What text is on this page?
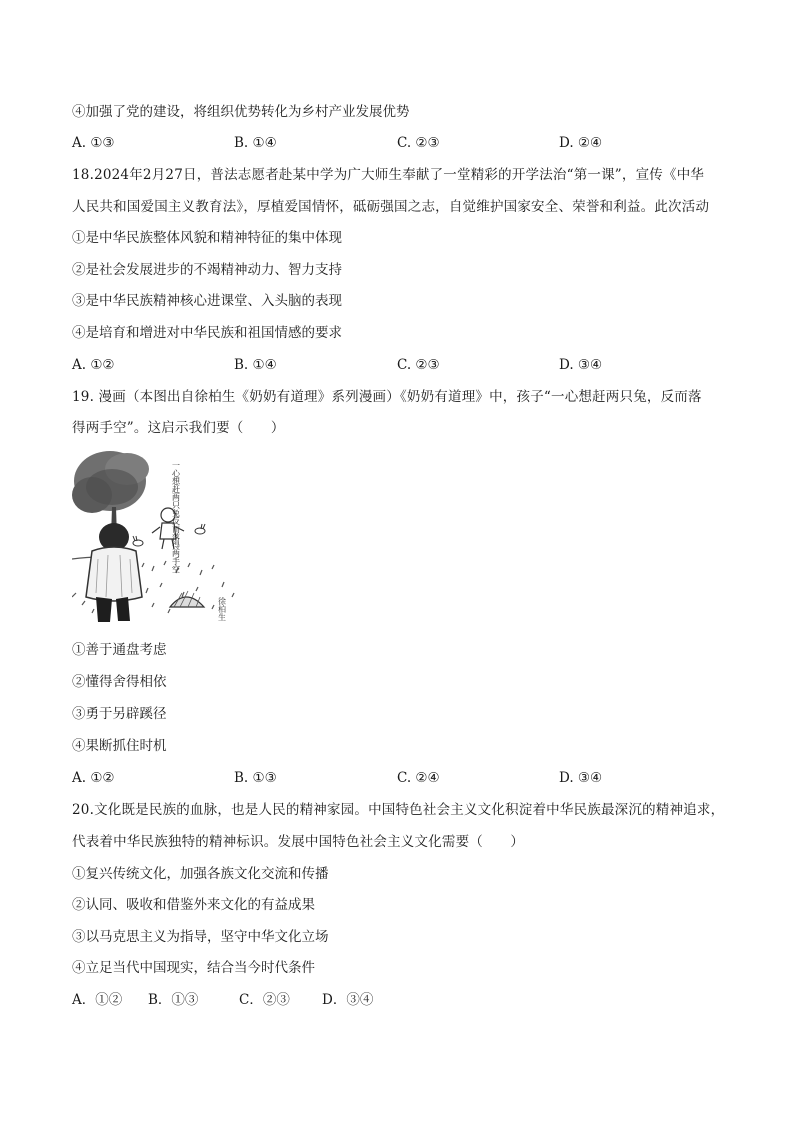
④加强了党的建设，将组织优势转化为乡村产业发展优势
A. ①③	B. ①④	C. ②③	D. ②④
18.2024年2月27日，普法志愿者赴某中学为广大师生奉献了一堂精彩的开学法治“第一课”，宣传《中华
人民共和国爱国主义教育法》，厚植爱国情怀，砥砺强国之志，自觉维护国家安全、荣誉和利益。此次活动
①是中华民族整体风貌和精神特征的集中体现
②是社会发展进步的不竭精神动力、智力支持
③是中华民族精神核心进课堂、入头脑的表现
④是培育和增进对中华民族和祖国情感的要求
A. ①②	B. ①④	C. ②③	D. ③④
19. 漫画（本图出自徐柏生《奶奶有道理》系列漫画）《奶奶有道理》中，孩子“一心想赶两只兔，反而落
得两手空”。这启示我们要（　　）
一心想赶两只兔反而落得两手空
徐柏生
①善于通盘考虑
②懂得舍得相依
③勇于另辟蹊径
④果断抓住时机
A. ①②	B. ①③	C. ②④	D. ③④
20.文化既是民族的血脉，也是人民的精神家园。中国特色社会主义文化积淀着中华民族最深沉的精神追求，
代表着中华民族独特的精神标识。发展中国特色社会主义文化需要（　　）
①复兴传统文化，加强各族文化交流和传播
②认同、吸收和借鉴外来文化的有益成果
③以马克思主义为指导，坚守中华文化立场
④立足当代中国现实，结合当今时代条件
A．①② B．①③	C．②③ D．③④
